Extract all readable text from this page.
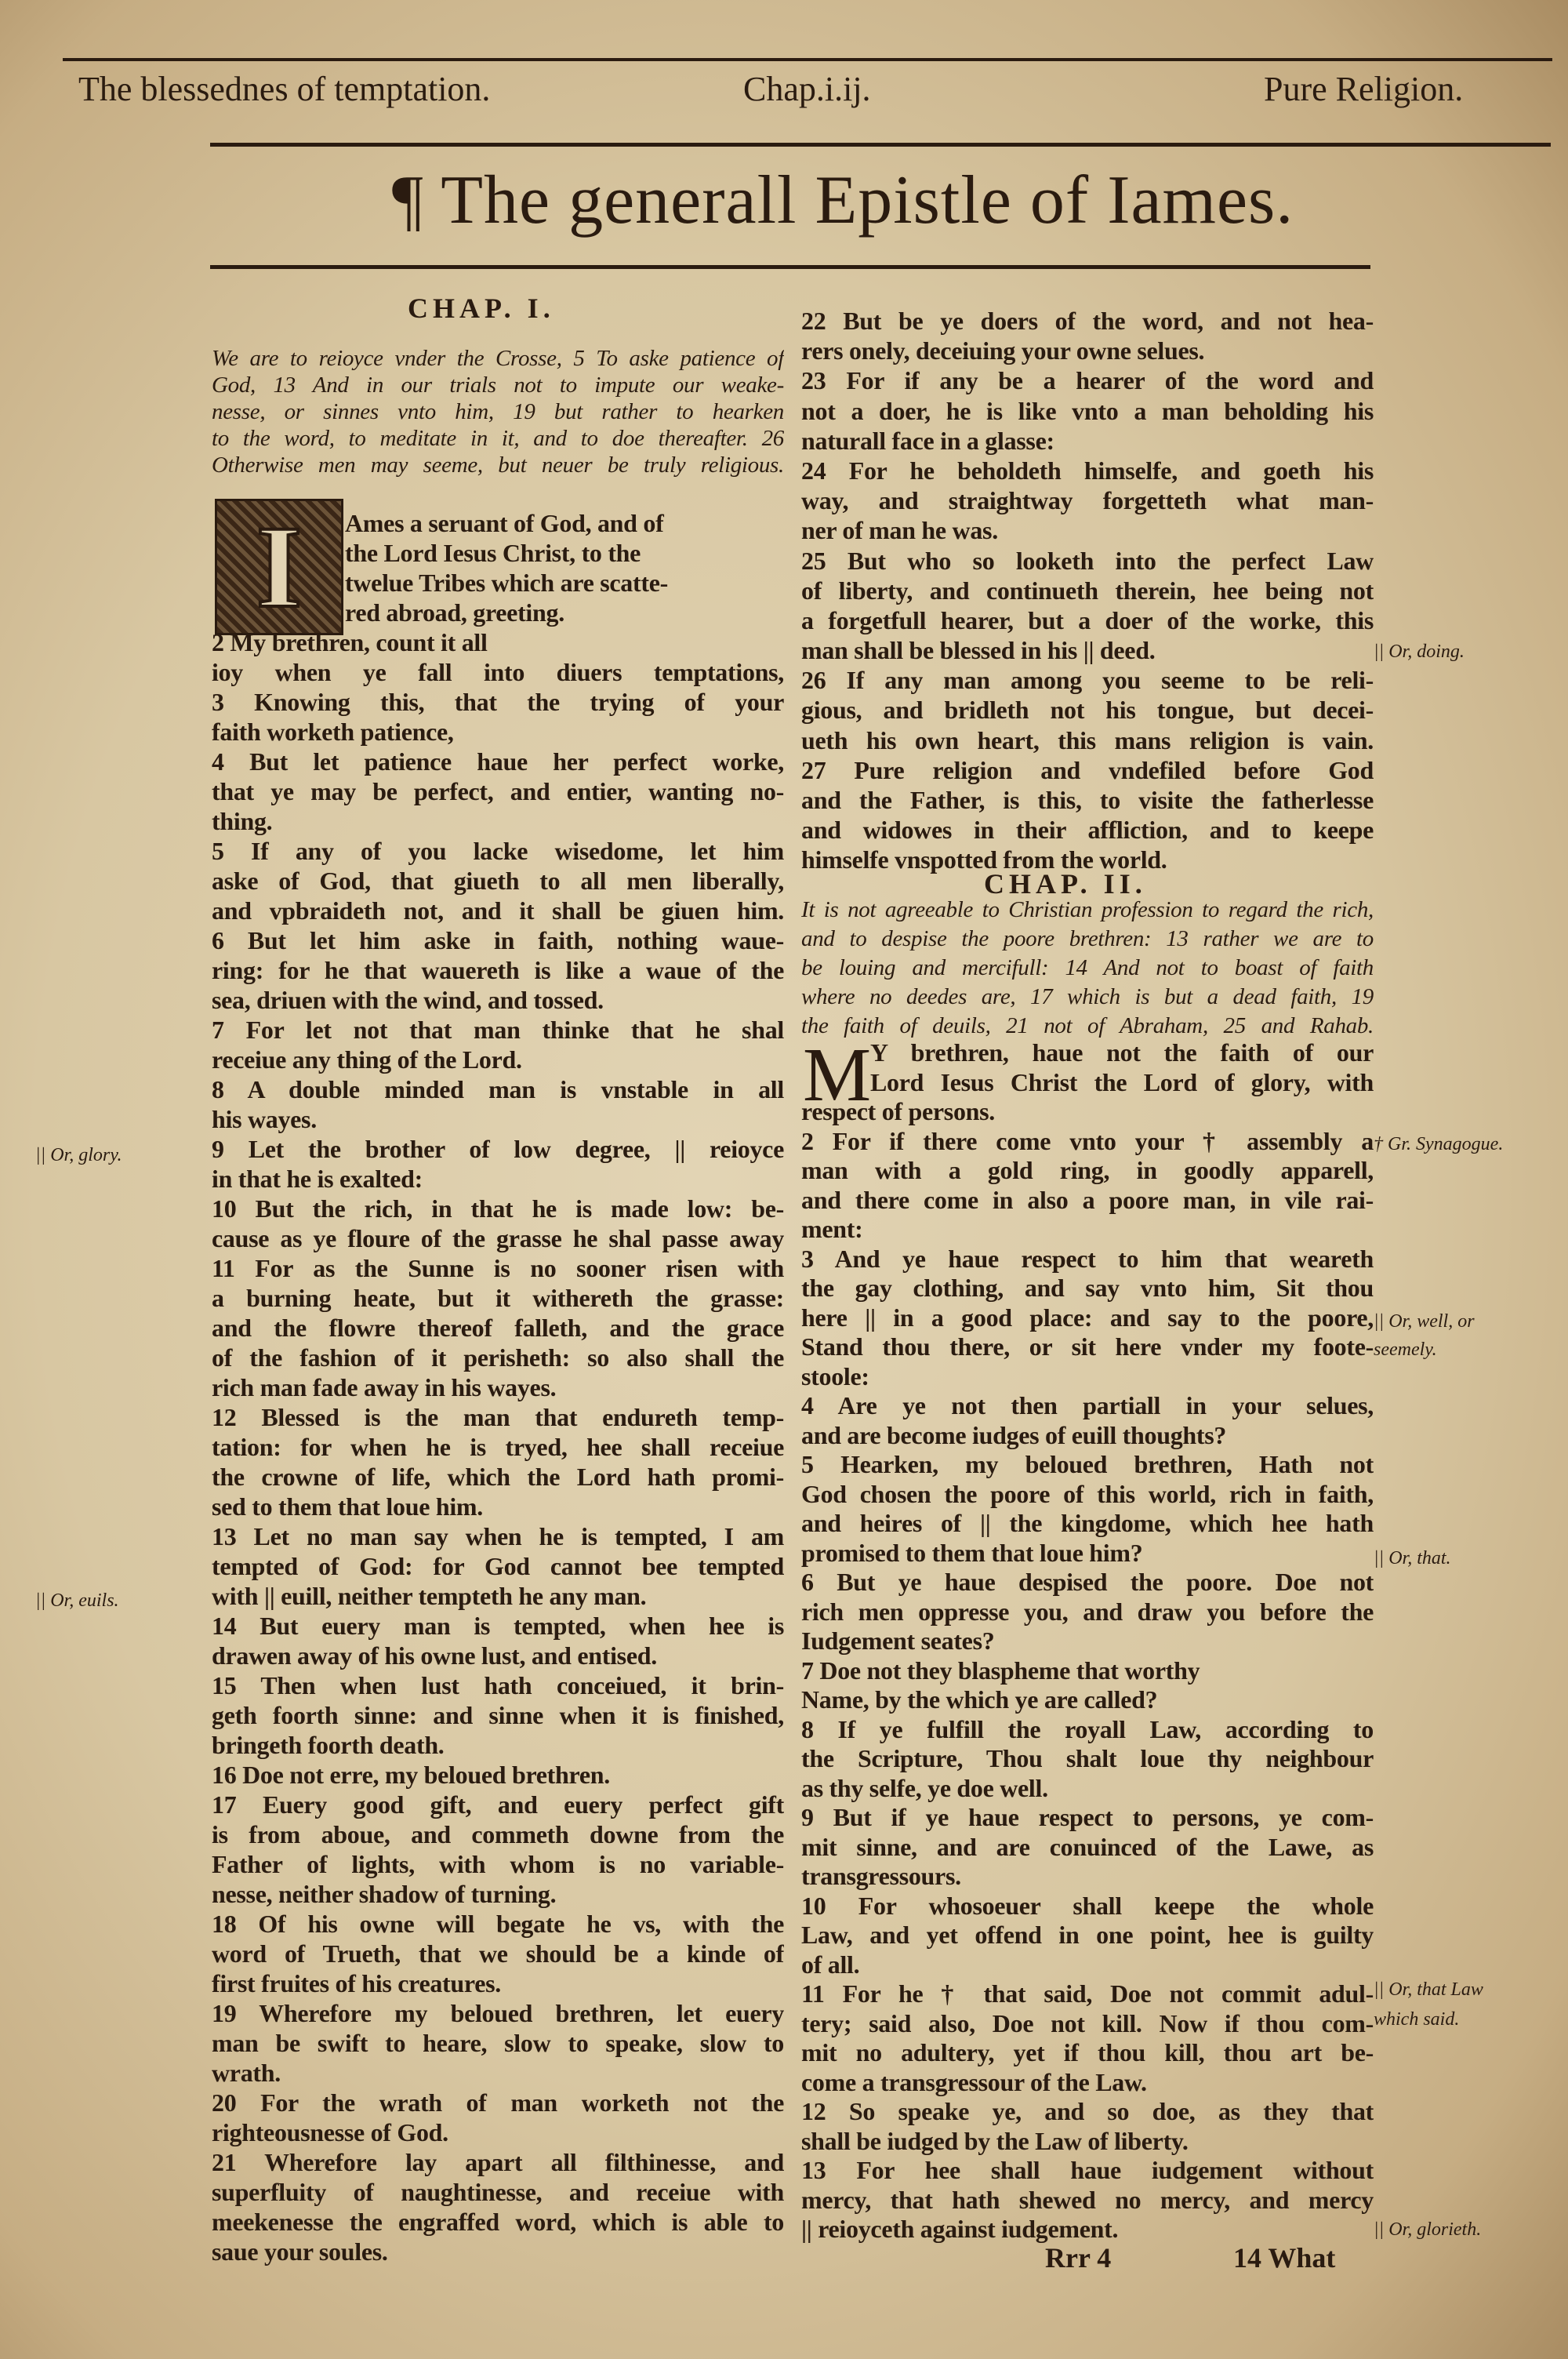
The blessednes of temptation.	Chap.i.ij.	Pure Religion.
¶ The generall Epistle of Iames.
CHAP. I.
We are to reioyce vnder the Crosse, 5 To aske patience of
God, 13 And in our trials not to impute our weake-
nesse, or sinnes vnto him, 19 but rather to hearken
to the word, to meditate in it, and to doe thereafter. 26
Otherwise men may seeme, but neuer be truly religious.
I	Ames a seruant of God, and of
the Lord Iesus Christ, to the
twelue Tribes which are scatte-
red abroad, greeting.
2 My brethren, count it all
ioy when ye fall into diuers temptations,
3 Knowing this, that the trying of your
faith worketh patience,
4 But let patience haue her perfect worke,
that ye may be perfect, and entier, wanting no-
thing.
5 If any of you lacke wisedome, let him
aske of God, that giueth to all men liberally,
and vpbraideth not, and it shall be giuen him.
6 But let him aske in faith, nothing waue-
ring: for he that wauereth is like a waue of the
sea, driuen with the wind, and tossed.
7 For let not that man thinke that he shal
receiue any thing of the Lord.
8 A double minded man is vnstable in all
his wayes.
9 Let the brother of low degree, || reioyce
in that he is exalted:
10 But the rich, in that he is made low: be-
cause as ye floure of the grasse he shal passe away
11 For as the Sunne is no sooner risen with
a burning heate, but it withereth the grasse:
and the flowre thereof falleth, and the grace
of the fashion of it perisheth: so also shall the
rich man fade away in his wayes.
12 Blessed is the man that endureth temp-
tation: for when he is tryed, hee shall receiue
the crowne of life, which the Lord hath promi-
sed to them that loue him.
13 Let no man say when he is tempted, I am
tempted of God: for God cannot bee tempted
with || euill, neither tempteth he any man.
14 But euery man is tempted, when hee is
drawen away of his owne lust, and entised.
15 Then when lust hath conceiued, it brin-
geth foorth sinne: and sinne when it is finished,
bringeth foorth death.
16 Doe not erre, my beloued brethren.
17 Euery good gift, and euery perfect gift
is from aboue, and commeth downe from the
Father of lights, with whom is no variable-
nesse, neither shadow of turning.
18 Of his owne will begate he vs, with the
word of Trueth, that we should be a kinde of
first fruites of his creatures.
19 Wherefore my beloued brethren, let euery
man be swift to heare, slow to speake, slow to
wrath.
20 For the wrath of man worketh not the
righteousnesse of God.
21 Wherefore lay apart all filthinesse, and
superfluity of naughtinesse, and receiue with
meekenesse the engraffed word, which is able to
saue your soules.
22 But be ye doers of the word, and not hea-
rers onely, deceiuing your owne selues.
23 For if any be a hearer of the word and
not a doer, he is like vnto a man beholding his
naturall face in a glasse:
24 For he beholdeth himselfe, and goeth his
way, and straightway forgetteth what man-
ner of man he was.
25 But who so looketh into the perfect Law
of liberty, and continueth therein, hee being not
a forgetfull hearer, but a doer of the worke, this
man shall be blessed in his || deed.
26 If any man among you seeme to be reli-
gious, and bridleth not his tongue, but decei-
ueth his own heart, this mans religion is vain.
27 Pure religion and vndefiled before God
and the Father, is this, to visite the fatherlesse
and widowes in their affliction, and to keepe
himselfe vnspotted from the world.
CHAP. II.
It is not agreeable to Christian profession to regard the rich,
and to despise the poore brethren: 13 rather we are to
be louing and mercifull: 14 And not to boast of faith
where no deedes are, 17 which is but a dead faith, 19
the faith of deuils, 21 not of Abraham, 25 and Rahab.
M
Y brethren, haue not the faith of our
Lord Iesus Christ the Lord of glory, with
respect of persons.
2 For if there come vnto your † assembly a
man with a gold ring, in goodly apparell,
and there come in also a poore man, in vile rai-
ment:
3 And ye haue respect to him that weareth
the gay clothing, and say vnto him, Sit thou
here || in a good place: and say to the poore,
Stand thou there, or sit here vnder my foote-
stoole:
4 Are ye not then partiall in your selues,
and are become iudges of euill thoughts?
5 Hearken, my beloued brethren, Hath not
God chosen the poore of this world, rich in faith,
and heires of || the kingdome, which hee hath
promised to them that loue him?
6 But ye haue despised the poore. Doe not
rich men oppresse you, and draw you before the
Iudgement seates?
7 Doe not they blaspheme that worthy
Name, by the which ye are called?
8 If ye fulfill the royall Law, according to
the Scripture, Thou shalt loue thy neighbour
as thy selfe, ye doe well.
9 But if ye haue respect to persons, ye com-
mit sinne, and are conuinced of the Lawe, as
transgressours.
10 For whosoeuer shall keepe the whole
Law, and yet offend in one point, hee is guilty
of all.
11 For he † that said, Doe not commit adul-
tery; said also, Doe not kill. Now if thou com-
mit no adultery, yet if thou kill, thou art be-
come a transgressour of the Law.
12 So speake ye, and so doe, as they that
shall be iudged by the Law of liberty.
13 For hee shall haue iudgement without
mercy, that hath shewed no mercy, and mercy
|| reioyceth against iudgement.
|| Or, glory.
|| Or, euils.
|| Or, doing.
† Gr. Synagogue.
|| Or, well, or
seemely.
|| Or, that.
|| Or, that Law
which said.
|| Or, glorieth.
Rrr 4	14 What
